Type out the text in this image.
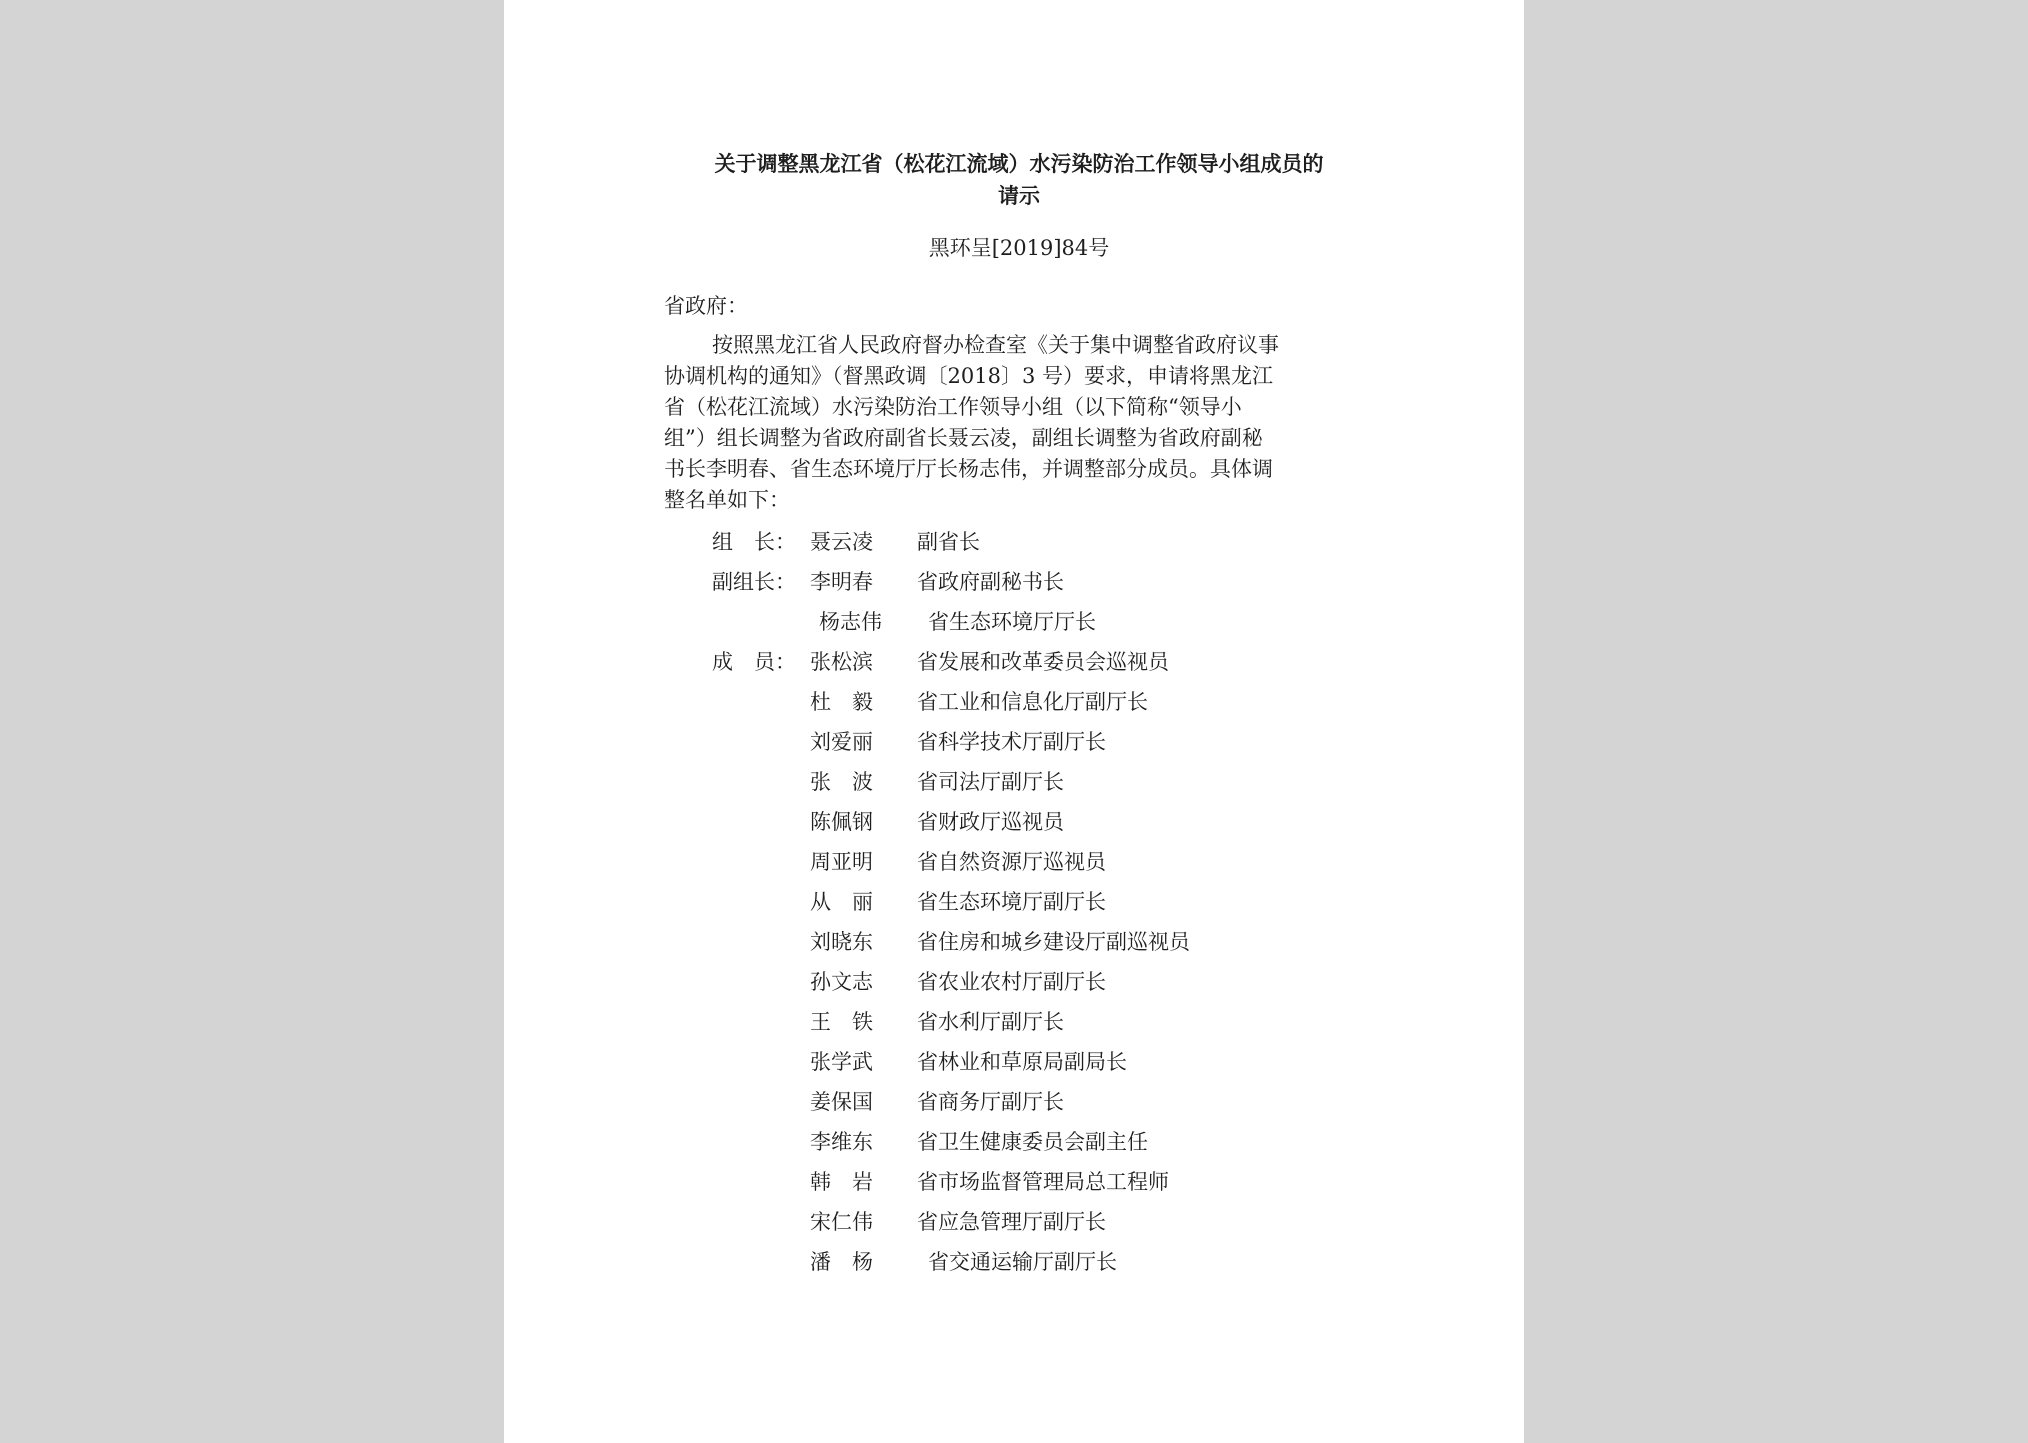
关于调整黑龙江省（松花江流域）水污染防治工作领导小组成员的
请示
黑环呈[2019]84号
省政府：

按照黑龙江省人民政府督办检查室《关于集中调整省政府议事
协调机构的通知》（督黑政调〔2018〕3 号）要求，申请将黑龙江
省（松花江流域）水污染防治工作领导小组（以下简称“领导小
组”）组长调整为省政府副省长聂云凌，副组长调整为省政府副秘
书长李明春、省生态环境厅厅长杨志伟，并调整部分成员。具体调
整名单如下：

组　长： 聂云凌	副省长
副组长： 李明春	省政府副秘书长
杨志伟	省生态环境厅厅长
成　员： 张松滨	省发展和改革委员会巡视员
杜　毅	省工业和信息化厅副厅长
刘爱丽	省科学技术厅副厅长
张　波	省司法厅副厅长
陈佩钢	省财政厅巡视员
周亚明	省自然资源厅巡视员
从　丽	省生态环境厅副厅长
刘晓东	省住房和城乡建设厅副巡视员
孙文志	省农业农村厅副厅长
王　铁	省水利厅副厅长
张学武	省林业和草原局副局长
姜保国	省商务厅副厅长
李维东	省卫生健康委员会副主任
韩　岩	省市场监督管理局总工程师
宋仁伟	省应急管理厅副厅长
潘　杨	省交通运输厅副厅长
